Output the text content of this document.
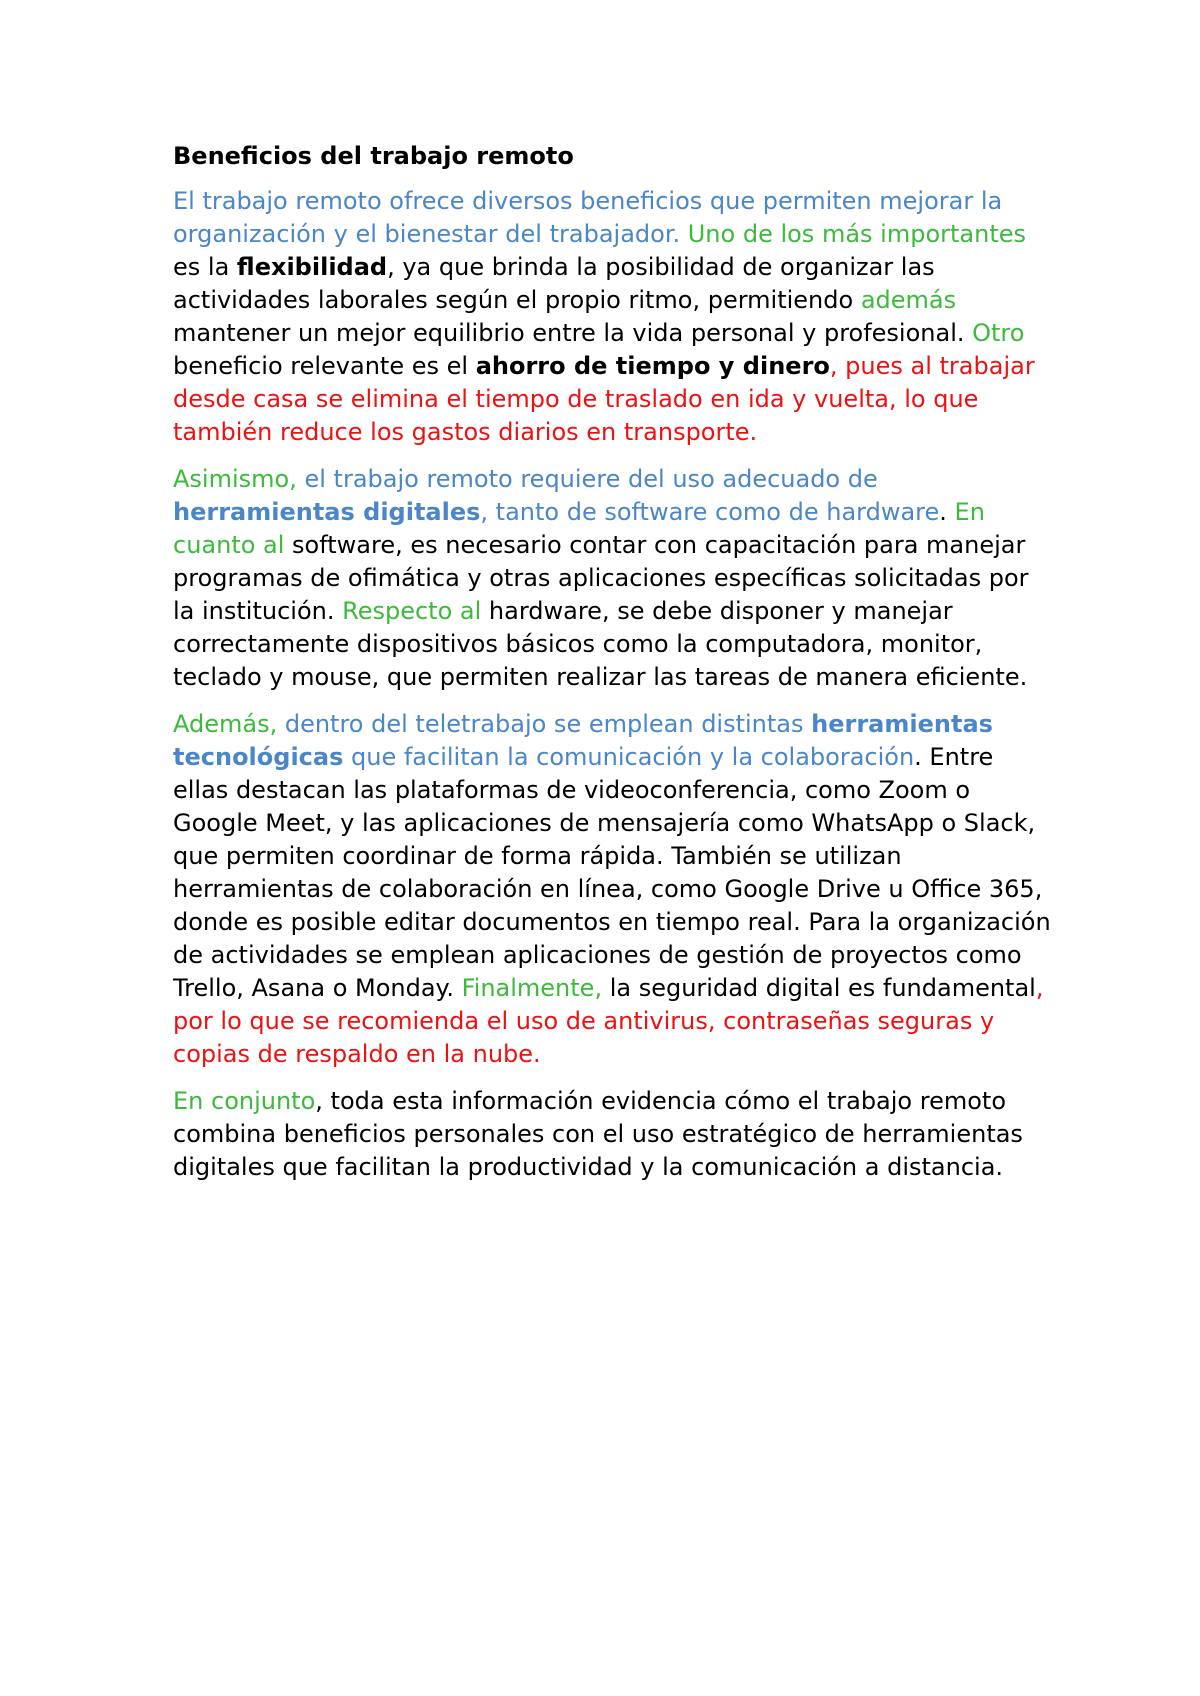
Beneficios del trabajo remoto
El trabajo remoto ofrece diversos beneficios que permiten mejorar la organización y el bienestar del trabajador. Uno de los más importantes es la flexibilidad, ya que brinda la posibilidad de organizar las actividades laborales según el propio ritmo, permitiendo además mantener un mejor equilibrio entre la vida personal y profesional. Otro beneficio relevante es el ahorro de tiempo y dinero, pues al trabajar desde casa se elimina el tiempo de traslado en ida y vuelta, lo que también reduce los gastos diarios en transporte.
Asimismo, el trabajo remoto requiere del uso adecuado de herramientas digitales, tanto de software como de hardware. En cuanto al software, es necesario contar con capacitación para manejar programas de ofimática y otras aplicaciones específicas solicitadas por la institución. Respecto al hardware, se debe disponer y manejar correctamente dispositivos básicos como la computadora, monitor, teclado y mouse, que permiten realizar las tareas de manera eficiente.
Además, dentro del teletrabajo se emplean distintas herramientas tecnológicas que facilitan la comunicación y la colaboración. Entre ellas destacan las plataformas de videoconferencia, como Zoom o Google Meet, y las aplicaciones de mensajería como WhatsApp o Slack, que permiten coordinar de forma rápida. También se utilizan herramientas de colaboración en línea, como Google Drive u Office 365, donde es posible editar documentos en tiempo real. Para la organización de actividades se emplean aplicaciones de gestión de proyectos como Trello, Asana o Monday. Finalmente, la seguridad digital es fundamental, por lo que se recomienda el uso de antivirus, contraseñas seguras y copias de respaldo en la nube.
En conjunto, toda esta información evidencia cómo el trabajo remoto combina beneficios personales con el uso estratégico de herramientas digitales que facilitan la productividad y la comunicación a distancia.
